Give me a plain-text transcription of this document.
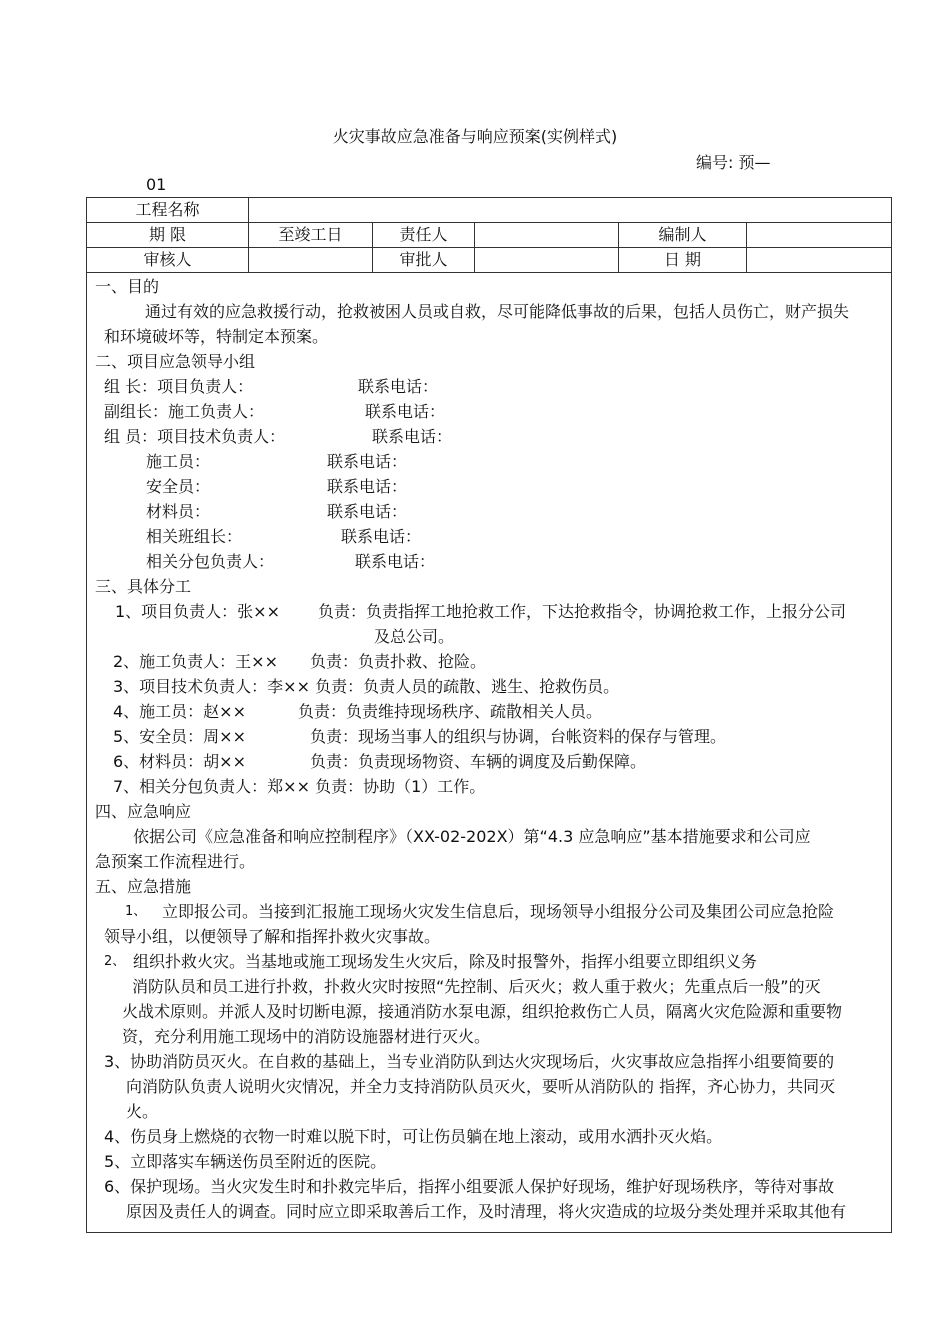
火灾事故应急准备与响应预案(实例样式)
编号: 预—
01
工程名称					
期 限	至竣工日	责任人		编制人	
审核人		审批人		日 期	
一、目的
通过有效的应急救援行动，抢救被困人员或自救，尽可能降低事故的后果，包括人员伤亡，财产损失
和环境破坏等，特制定本预案。
二、项目应急领导小组
组 长：项目负责人：	联系电话：
副组长：施工负责人：	联系电话：
组 员：项目技术负责人：	联系电话：
施工员：	联系电话：
安全员：	联系电话：
材料员：	联系电话：
相关班组长：	联系电话：
相关分包负责人：	联系电话：
三、具体分工
1、项目负责人：张×× 负责：负责指挥工地抢救工作，下达抢救指令，协调抢救工作，上报分公司
及总公司。
2、施工负责人：王×× 负责：负责扑救、抢险。
3、项目技术负责人：李×× 负责：负责人员的疏散、逃生、抢救伤员。
4、施工员：赵××	负责：负责维持现场秩序、疏散相关人员。
5、安全员：周××	负责：现场当事人的组织与协调，台帐资料的保存与管理。
6、材料员：胡××	负责：负责现场物资、车辆的调度及后勤保障。
7、相关分包负责人：郑×× 负责：协助（1）工作。
四、应急响应
依据公司《应急准备和响应控制程序》（XX-02-202X）第“4.3 应急响应”基本措施要求和公司应
急预案工作流程进行。
五、应急措施
1、 立即报公司。当接到汇报施工现场火灾发生信息后，现场领导小组报分公司及集团公司应急抢险
领导小组，以便领导了解和指挥扑救火灾事故。
2、 组织扑救火灾。当基地或施工现场发生火灾后，除及时报警外，指挥小组要立即组织义务
消防队员和员工进行扑救，扑救火灾时按照“先控制、后灭火；救人重于救火；先重点后一般”的灭
火战术原则。并派人及时切断电源，接通消防水泵电源，组织抢救伤亡人员，隔离火灾危险源和重要物
资，充分利用施工现场中的消防设施器材进行灭火。
3、协助消防员灭火。在自救的基础上，当专业消防队到达火灾现场后，火灾事故应急指挥小组要简要的
向消防队负责人说明火灾情况，并全力支持消防队员灭火，要听从消防队的 指挥，齐心协力，共同灭
火。
4、伤员身上燃烧的衣物一时难以脱下时，可让伤员躺在地上滚动，或用水洒扑灭火焰。
5、立即落实车辆送伤员至附近的医院。
6、保护现场。当火灾发生时和扑救完毕后，指挥小组要派人保护好现场，维护好现场秩序，等待对事故
原因及责任人的调查。同时应立即采取善后工作，及时清理，将火灾造成的垃圾分类处理并采取其他有
